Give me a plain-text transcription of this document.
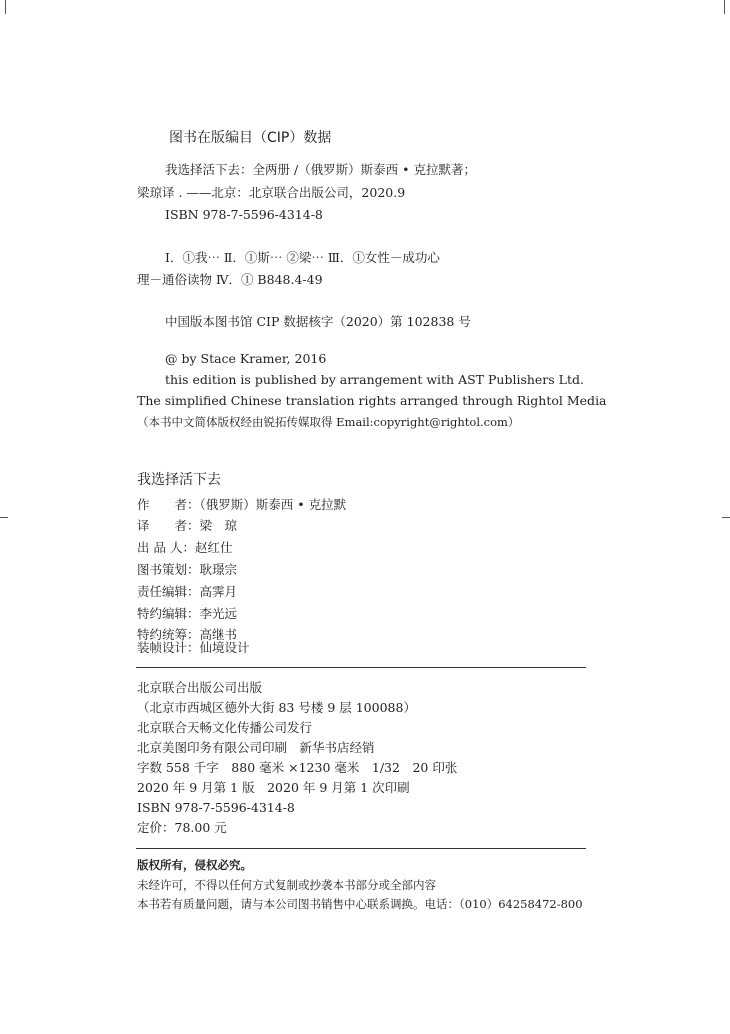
图书在版编目（CIP）数据
我选择活下去：全两册 /（俄罗斯）斯泰西 • 克拉默著；
梁琼译 . ——北京：北京联合出版公司，2020.9
ISBN 978-7-5596-4314-8
Ⅰ．①我⋯ Ⅱ．①斯⋯ ②梁⋯ Ⅲ．①女性－成功心
理－通俗读物 Ⅳ．① B848.4-49
中国版本图书馆 CIP 数据核字（2020）第 102838 号
@ by Stace Kramer, 2016
this edition is published by arrangement with AST Publishers Ltd.
The simplified Chinese translation rights arranged through Rightol Media
（本书中文简体版权经由锐拓传媒取得 Email:copyright@rightol.com）
我选择活下去
作　　者：（俄罗斯）斯泰西 • 克拉默
译　　者：梁　琼
出 品 人：赵红仕
图书策划：耿璟宗
责任编辑：高霁月
特约编辑：李光远
特约统筹：高继书
装帧设计：仙境设计
北京联合出版公司出版
（北京市西城区德外大街 83 号楼 9 层 100088）
北京联合天畅文化传播公司发行
北京美图印务有限公司印刷　新华书店经销
字数 558 千字　880 毫米 ×1230 毫米　1/32　20 印张
2020 年 9 月第 1 版　2020 年 9 月第 1 次印刷
ISBN 978-7-5596-4314-8
定价：78.00 元
版权所有，侵权必究。
未经许可，不得以任何方式复制或抄袭本书部分或全部内容
本书若有质量问题，请与本公司图书销售中心联系调换。电话：（010）64258472-800
